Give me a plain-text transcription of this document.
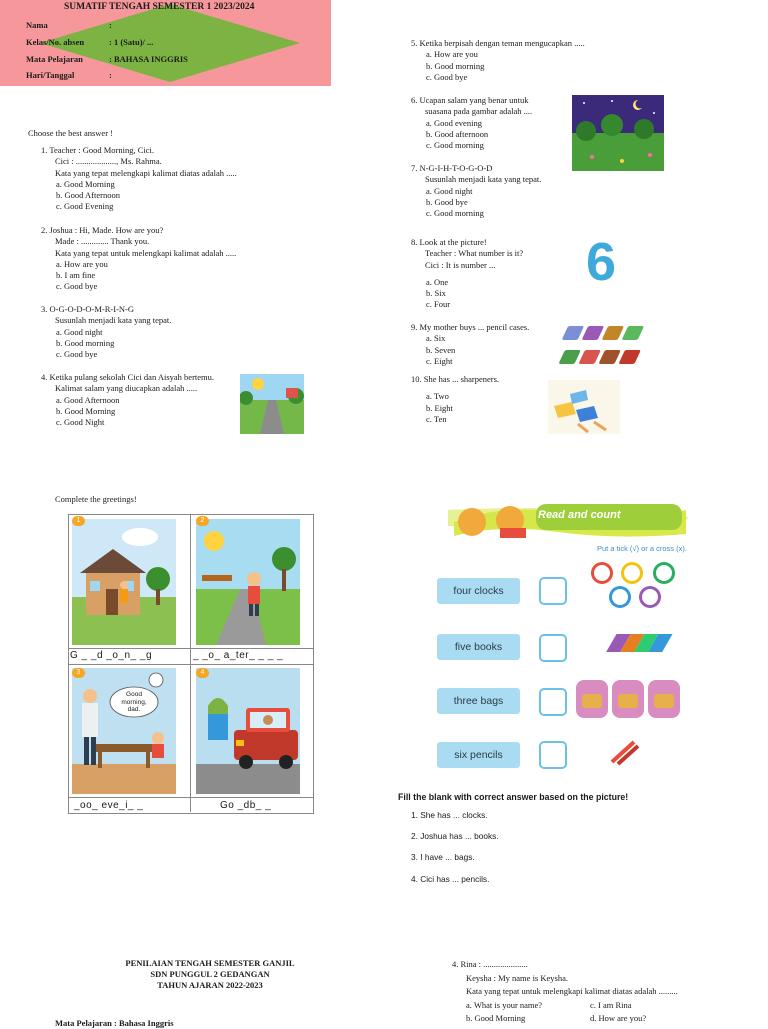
SUMATIF TENGAH SEMESTER 1 2023/2024
Nama	:
Kelas/No. absen	: 1 (Satu)/ ...
Mata Pelajaran	: BAHASA INGGRIS
Hari/Tanggal	:
Choose the best answer !
1. Teacher : Good Morning, Cici.
Cici : ..................., Ms. Rahma.
Kata yang tepat melengkapi kalimat diatas adalah .....
a. Good Morning
b. Good Afternoon
c. Good Evening
2. Joshua : Hi, Made. How are you?
Made : ............. Thank you.
Kata yang tepat untuk melengkapi kalimat adalah .....
a. How are you
b. I am fine
c. Good bye
3. O-G-O-D-O-M-R-I-N-G
Susunlah menjadi kata yang tepat.
a. Good night
b. Good morning
c. Good bye
4. Ketika pulang sekolah Cici dan Aisyah bertemu.
Kalimat salam yang diucapkan adalah .....
a. Good Afternoon
b. Good Morning
c. Good Night
5. Ketika berpisah dengan teman mengucapkan .....
a. How are you
b. Good morning
c. Good bye
6. Ucapan salam yang benar untuk
suasana pada gambar adalah ....
a. Good evening
b. Good afternoon
c. Good morning
7. N-G-I-H-T-O-G-O-D
Susunlah menjadi kata yang tepat.
a. Good night
b. Good bye
c. Good morning
8. Look at the picture!
Teacher : What number is it?
Cici : It is number ...
a. One
b. Six
c. Four
6
9. My mother buys ... pencil cases.
a. Six
b. Seven
c. Eight
10. She has ... sharpeners.
a. Two
b. Eight
c. Ten
Complete the greetings!
1	2
Good morning, dad.
3	4
G _ _d _o_n_ _g	_ _o_ a_ter_ _ _ _
_oo_ eve_i_ _	Go _db_ _
Read and count
Put a tick (√) or a cross (x).
four clocks
five books
three bags
six pencils
Fill the blank with correct answer based on the picture!
1. She has ... clocks.
2. Joshua has ... books.
3. I have ... bags.
4. Cici has ... pencils.
PENILAIAN TENGAH SEMESTER GANJIL
SDN PUNGGUL 2 GEDANGAN
TAHUN AJARAN 2022-2023
Mata Pelajaran : Bahasa Inggris
4. Rina : .....................
Keysha : My name is Keysha.
Kata yang tepat untuk melengkapi kalimat diatas adalah .........
a. What is your name?	c. I am Rina
b. Good Morning	d. How are you?
